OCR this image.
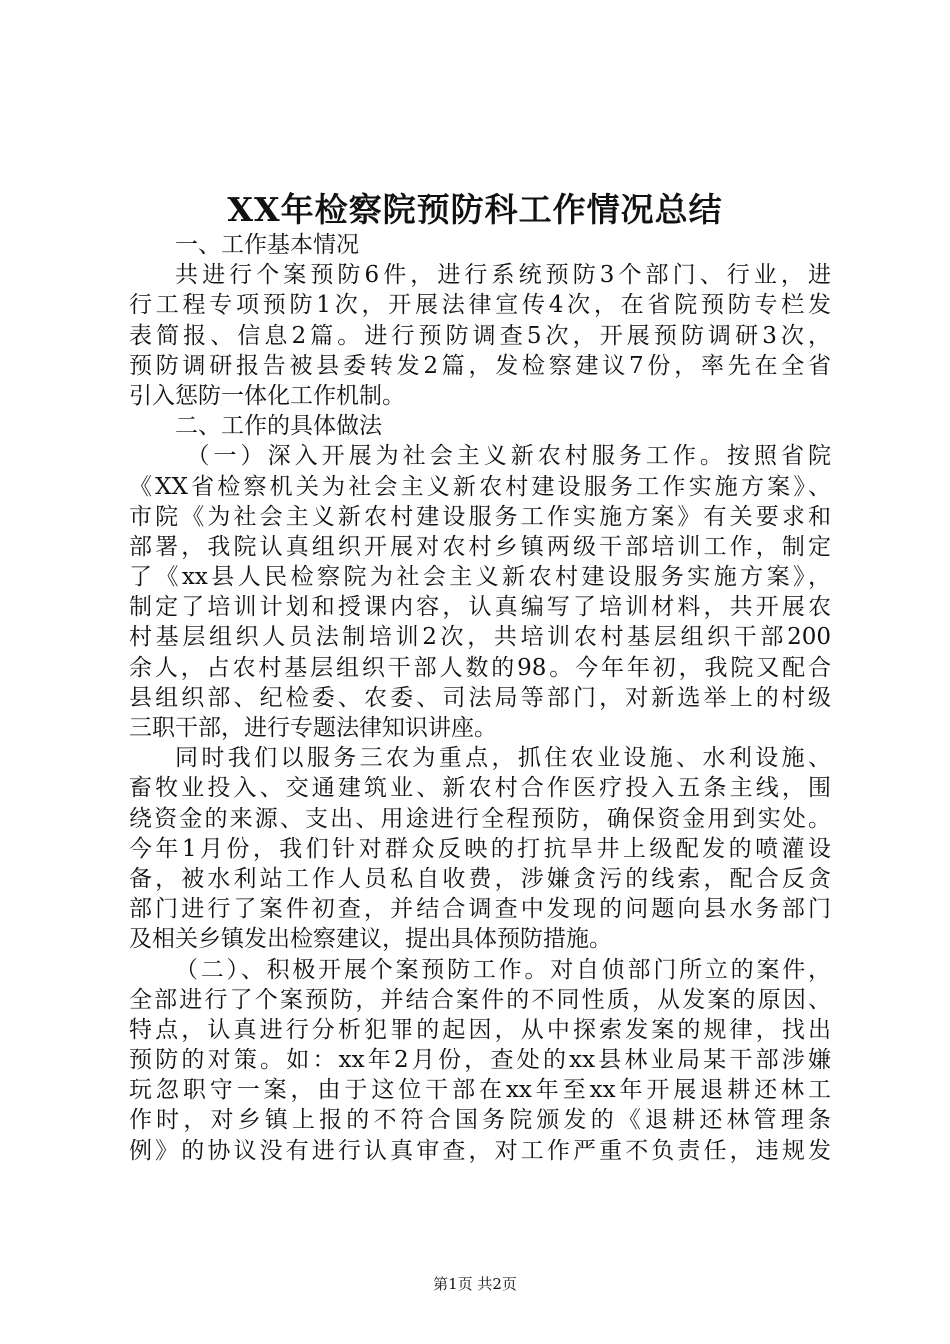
XX年检察院预防科工作情况总结
一、工作基本情况
共进行个案预防6件，进行系统预防3个部门、行业，进
行工程专项预防1次，开展法律宣传4次，在省院预防专栏发
表简报、信息2篇。进行预防调查5次，开展预防调研3次，
预防调研报告被县委转发2篇，发检察建议7份，率先在全省
引入惩防一体化工作机制。
二、工作的具体做法
（一）深入开展为社会主义新农村服务工作。按照省院
《XX省检察机关为社会主义新农村建设服务工作实施方案》、
市院《为社会主义新农村建设服务工作实施方案》有关要求和
部署，我院认真组织开展对农村乡镇两级干部培训工作，制定
了《xx县人民检察院为社会主义新农村建设服务实施方案》，
制定了培训计划和授课内容，认真编写了培训材料，共开展农
村基层组织人员法制培训2次，共培训农村基层组织干部200
余人，占农村基层组织干部人数的98。今年年初，我院又配合
县组织部、纪检委、农委、司法局等部门，对新选举上的村级
三职干部，进行专题法律知识讲座。
同时我们以服务三农为重点，抓住农业设施、水利设施、
畜牧业投入、交通建筑业、新农村合作医疗投入五条主线，围
绕资金的来源、支出、用途进行全程预防，确保资金用到实处。
今年1月份，我们针对群众反映的打抗旱井上级配发的喷灌设
备，被水利站工作人员私自收费，涉嫌贪污的线索，配合反贪
部门进行了案件初查，并结合调查中发现的问题向县水务部门
及相关乡镇发出检察建议，提出具体预防措施。
（二）、积极开展个案预防工作。对自侦部门所立的案件，
全部进行了个案预防，并结合案件的不同性质，从发案的原因、
特点，认真进行分析犯罪的起因，从中探索发案的规律，找出
预防的对策。如：xx年2月份，查处的xx县林业局某干部涉嫌
玩忽职守一案，由于这位干部在xx年至xx年开展退耕还林工
作时，对乡镇上报的不符合国务院颁发的《退耕还林管理条
例》的协议没有进行认真审查，对工作严重不负责任，违规发
第1页 共2页
